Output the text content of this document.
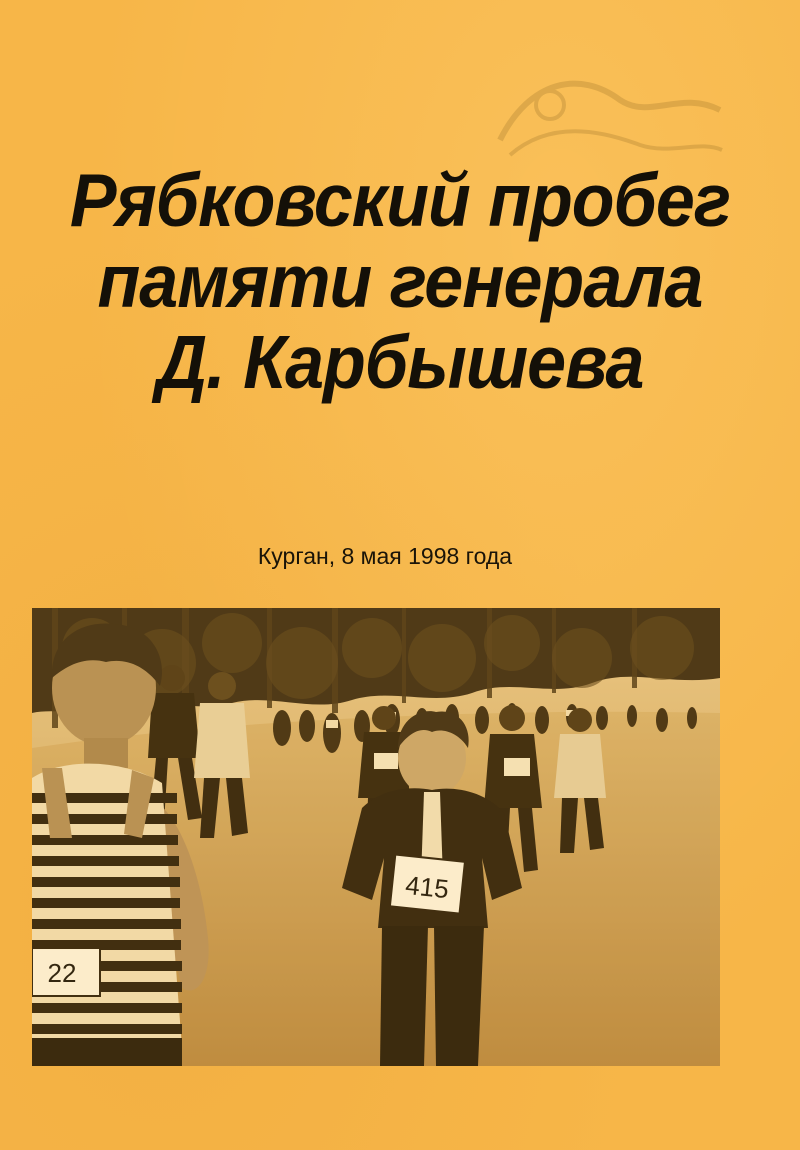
Рябковский пробег
памяти генерала
Д. Карбышева
Курган, 8 мая 1998 года
415
22
